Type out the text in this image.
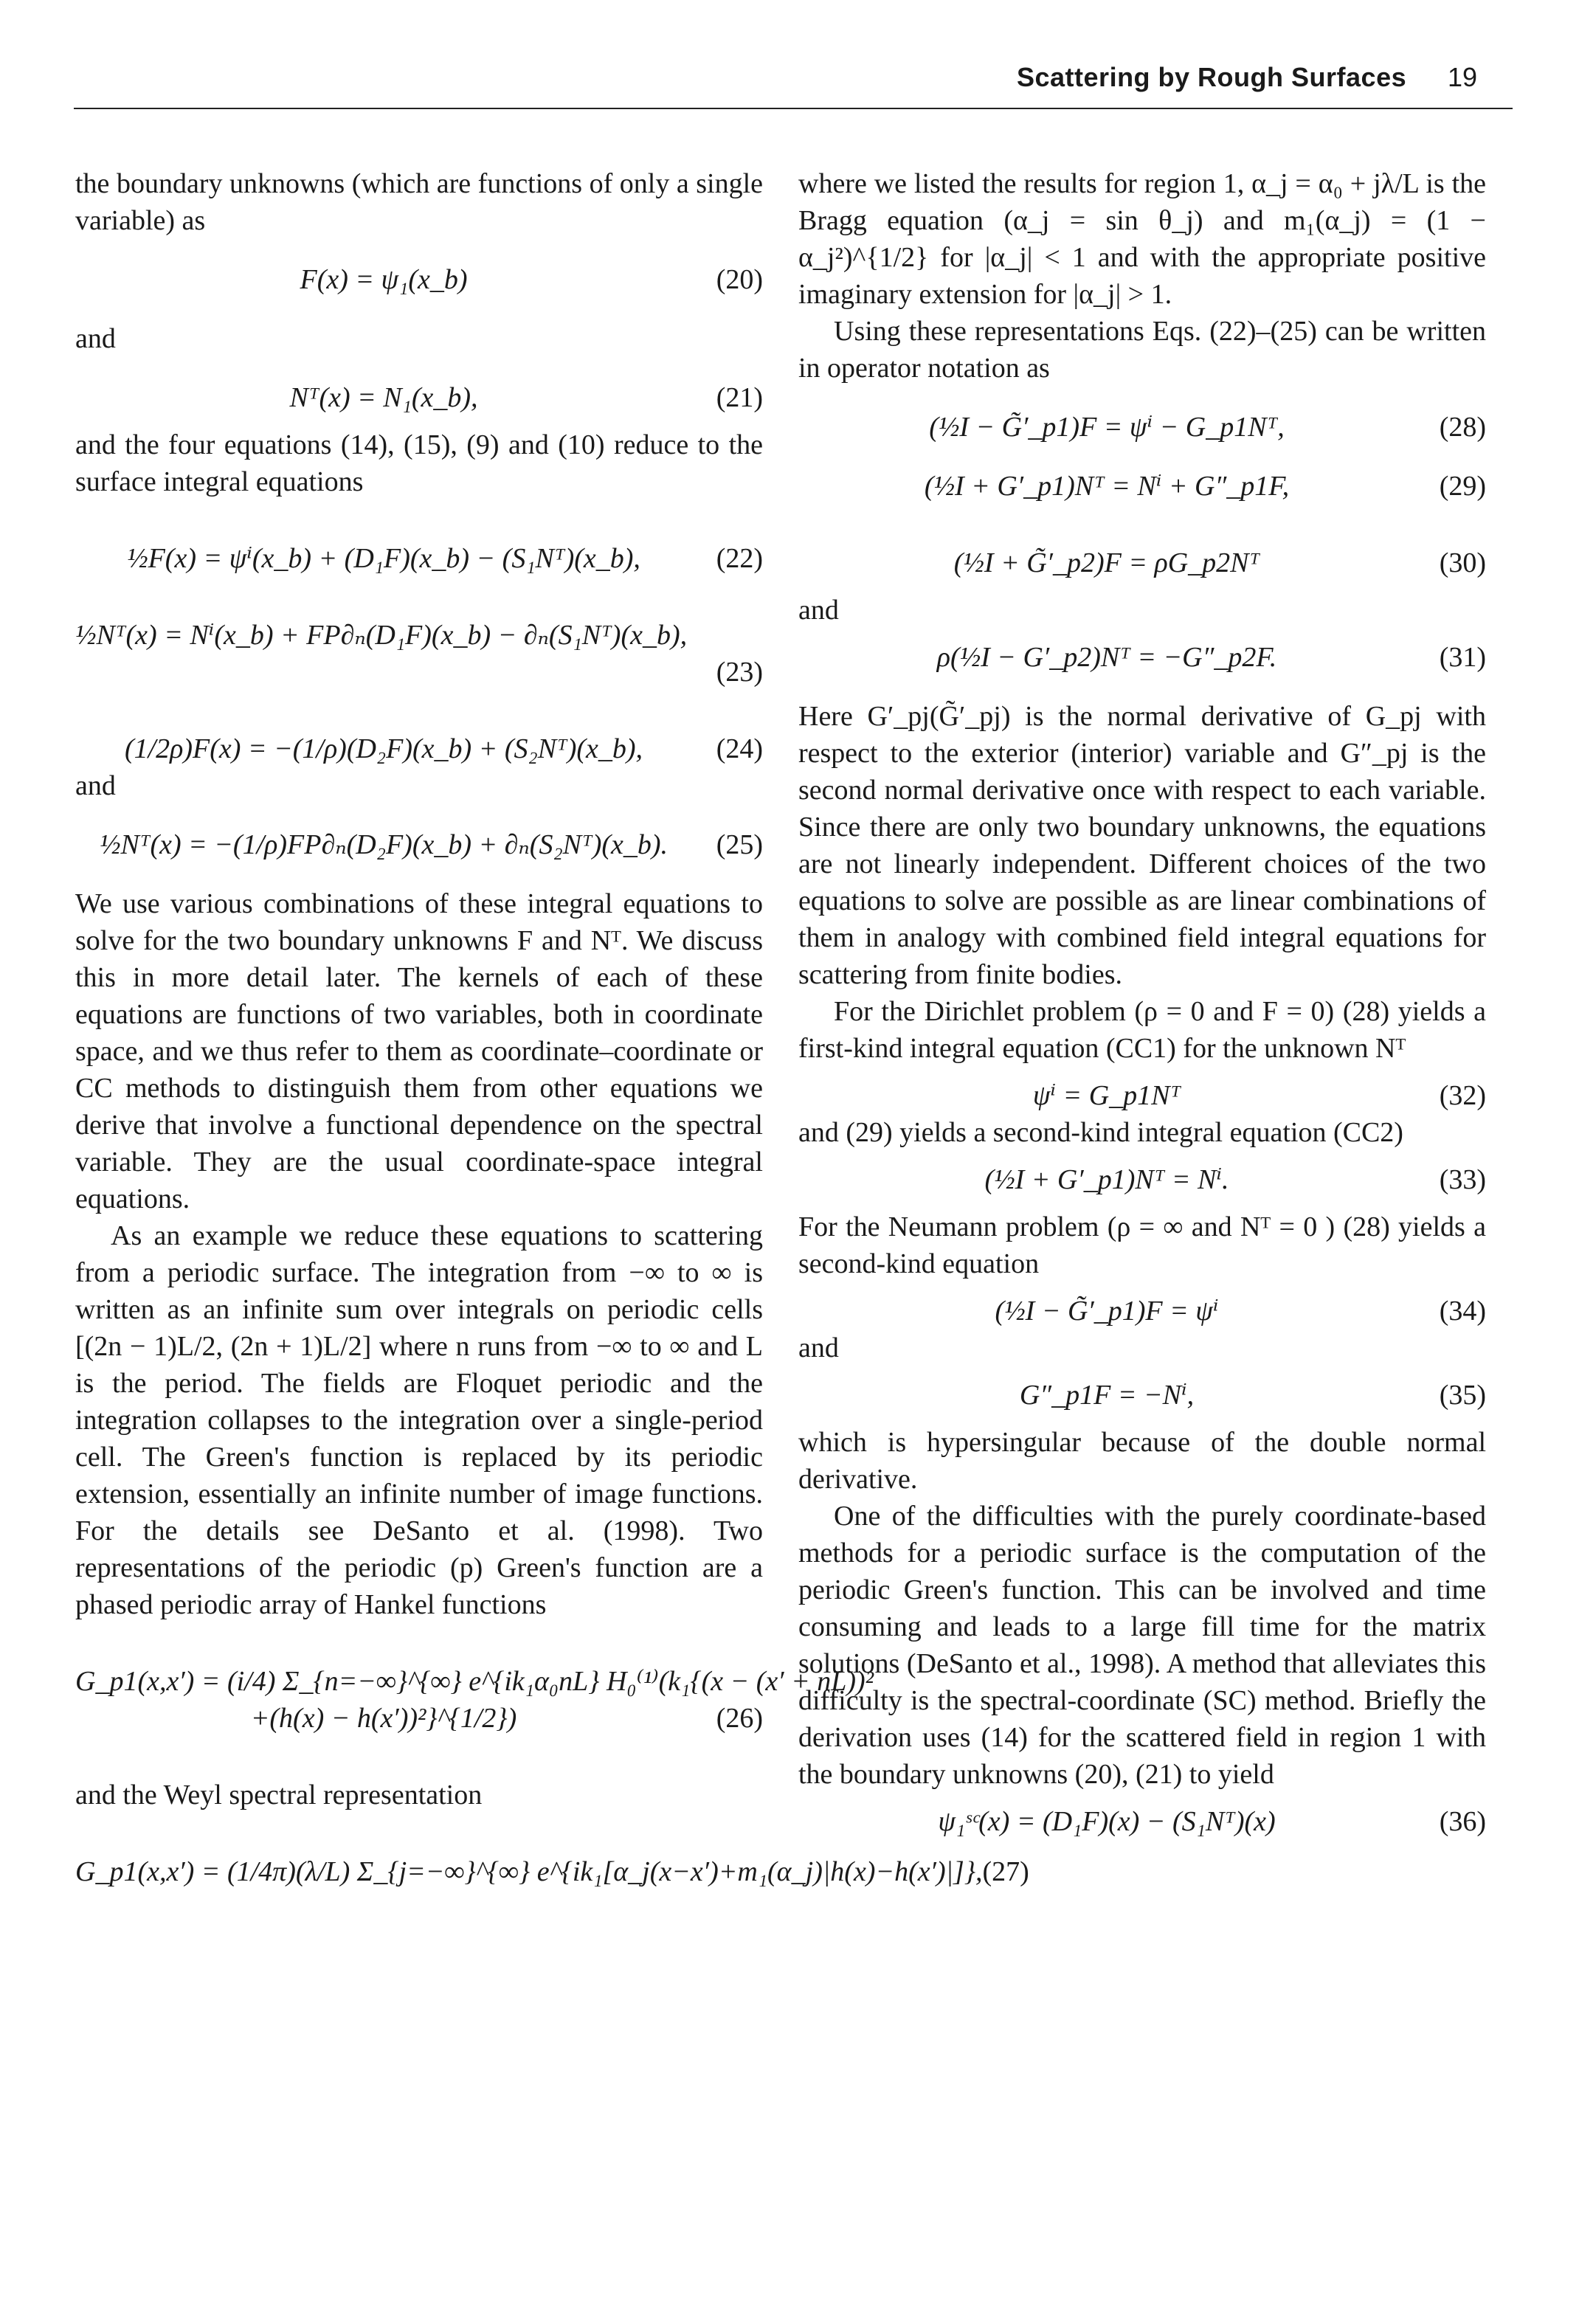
Scattering by Rough Surfaces 19

the boundary unknowns (which are functions of only a single variable) as

F(x) = ψ₁(x_b)	(20)

and

Nᵀ(x) = N₁(x_b),	(21)

and the four equations (14), (15), (9) and (10) reduce to the surface integral equations

½F(x) = ψⁱ(x_b) + (D₁F)(x_b) − (S₁Nᵀ)(x_b),	(22)
½Nᵀ(x) = Nⁱ(x_b) + FP∂ₙ(D₁F)(x_b) − ∂ₙ(S₁Nᵀ)(x_b),
(23)
(1/2ρ)F(x) = −(1/ρ)(D₂F)(x_b) + (S₂Nᵀ)(x_b),	(24)

and

½Nᵀ(x) = −(1/ρ)FP∂ₙ(D₂F)(x_b) + ∂ₙ(S₂Nᵀ)(x_b).	(25)

We use various combinations of these integral equations to solve for the two boundary unknowns F and Nᵀ. We discuss this in more detail later. The kernels of each of these equations are functions of two variables, both in coordinate space, and we thus refer to them as coordinate–coordinate or CC methods to distinguish them from other equations we derive that involve a functional dependence on the spectral variable. They are the usual coordinate-space integral equations.

As an example we reduce these equations to scattering from a periodic surface. The integration from −∞ to ∞ is written as an infinite sum over integrals on periodic cells [(2n − 1)L/2, (2n + 1)L/2] where n runs from −∞ to ∞ and L is the period. The fields are Floquet periodic and the integration collapses to the integration over a single-period cell. The Green's function is replaced by its periodic extension, essentially an infinite number of image functions. For the details see DeSanto et al. (1998). Two representations of the periodic (p) Green's function are a phased periodic array of Hankel functions

G_p1(x,x′) = (i/4) Σ_{n=−∞}^{∞} e^{ik₁α₀nL} H₀⁽¹⁾(k₁{(x − (x′ + nL))²
+(h(x) − h(x′))²}^{1/2})	(26)

and the Weyl spectral representation

G_p1(x,x′) = (1/4π)(λ/L) Σ_{j=−∞}^{∞} e^{ik₁[α_j(x−x′)+m₁(α_j)|h(x)−h(x′)|]}, (27)

where we listed the results for region 1, α_j = α₀ + jλ/L is the Bragg equation (α_j = sin θ_j) and m₁(α_j) = (1 − α_j²)^{1/2} for |α_j| < 1 and with the appropriate positive imaginary extension for |α_j| > 1.

Using these representations Eqs. (22)–(25) can be written in operator notation as

(½I − G̃′_p1)F = ψⁱ − G_p1Nᵀ,	(28)
(½I + G′_p1)Nᵀ = Nⁱ + G″_p1F,	(29)
(½I + G̃′_p2)F = ρG_p2Nᵀ	(30)

and

ρ(½I − G′_p2)Nᵀ = −G″_p2F.	(31)

Here G′_pj(G̃′_pj) is the normal derivative of G_pj with respect to the exterior (interior) variable and G″_pj is the second normal derivative once with respect to each variable. Since there are only two boundary unknowns, the equations are not linearly independent. Different choices of the two equations to solve are possible as are linear combinations of them in analogy with combined field integral equations for scattering from finite bodies.

For the Dirichlet problem (ρ = 0 and F = 0) (28) yields a first-kind integral equation (CC1) for the unknown Nᵀ

ψⁱ = G_p1Nᵀ	(32)

and (29) yields a second-kind integral equation (CC2)

(½I + G′_p1)Nᵀ = Nⁱ.	(33)

For the Neumann problem (ρ = ∞ and Nᵀ = 0 ) (28) yields a second-kind equation

(½I − G̃′_p1)F = ψⁱ	(34)

and

G″_p1F = −Nⁱ,	(35)

which is hypersingular because of the double normal derivative.

One of the difficulties with the purely coordinate-based methods for a periodic surface is the computation of the periodic Green's function. This can be involved and time consuming and leads to a large fill time for the matrix solutions (DeSanto et al., 1998). A method that alleviates this difficulty is the spectral-coordinate (SC) method. Briefly the derivation uses (14) for the scattered field in region 1 with the boundary unknowns (20), (21) to yield

ψ₁ˢᶜ(x) = (D₁F)(x) − (S₁Nᵀ)(x)	(36)
